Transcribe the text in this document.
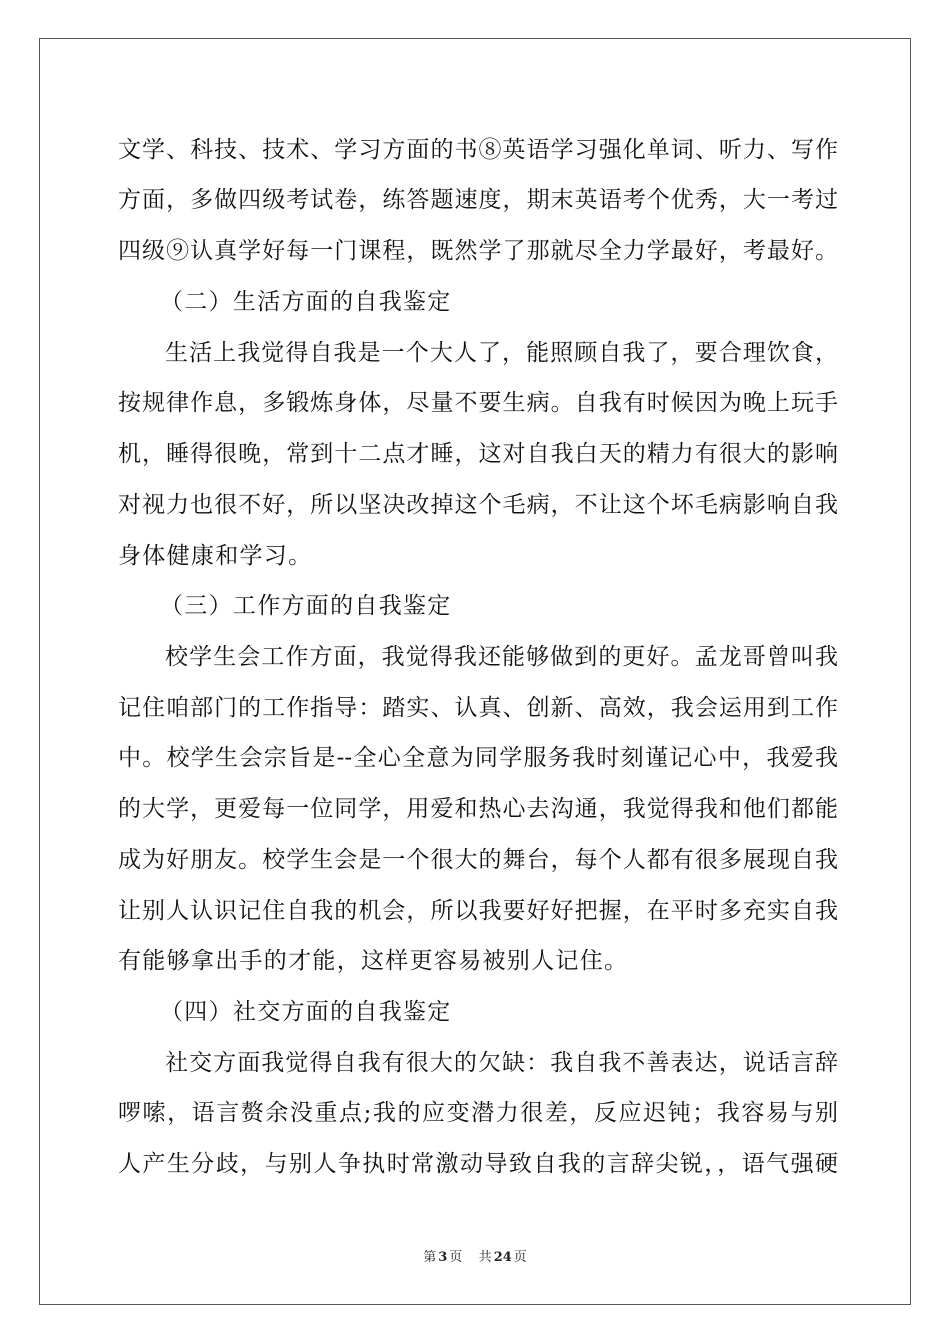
文学、科技、技术、学习方面的书⑧英语学习强化单词、听力、写作
方面，多做四级考试卷，练答题速度，期末英语考个优秀，大一考过
四级⑨认真学好每一门课程，既然学了那就尽全力学最好，考最好。
（二）生活方面的自我鉴定
生活上我觉得自我是一个大人了，能照顾自我了，要合理饮食，
按规律作息，多锻炼身体，尽量不要生病。自我有时候因为晚上玩手
机，睡得很晚，常到十二点才睡，这对自我白天的精力有很大的影响
对视力也很不好，所以坚决改掉这个毛病，不让这个坏毛病影响自我
身体健康和学习。
（三）工作方面的自我鉴定
校学生会工作方面，我觉得我还能够做到的更好。孟龙哥曾叫我
记住咱部门的工作指导：踏实、认真、创新、高效，我会运用到工作
中。校学生会宗旨是--全心全意为同学服务我时刻谨记心中，我爱我
的大学，更爱每一位同学，用爱和热心去沟通，我觉得我和他们都能
成为好朋友。校学生会是一个很大的舞台，每个人都有很多展现自我
让别人认识记住自我的机会，所以我要好好把握，在平时多充实自我
有能够拿出手的才能，这样更容易被别人记住。
（四）社交方面的自我鉴定
社交方面我觉得自我有很大的欠缺：我自我不善表达，说话言辞
啰嗦，语言赘余没重点;我的应变潜力很差，反应迟钝；我容易与别
人产生分歧，与别人争执时常激动导致自我的言辞尖锐，，语气强硬
第 3 页 共 24 页
